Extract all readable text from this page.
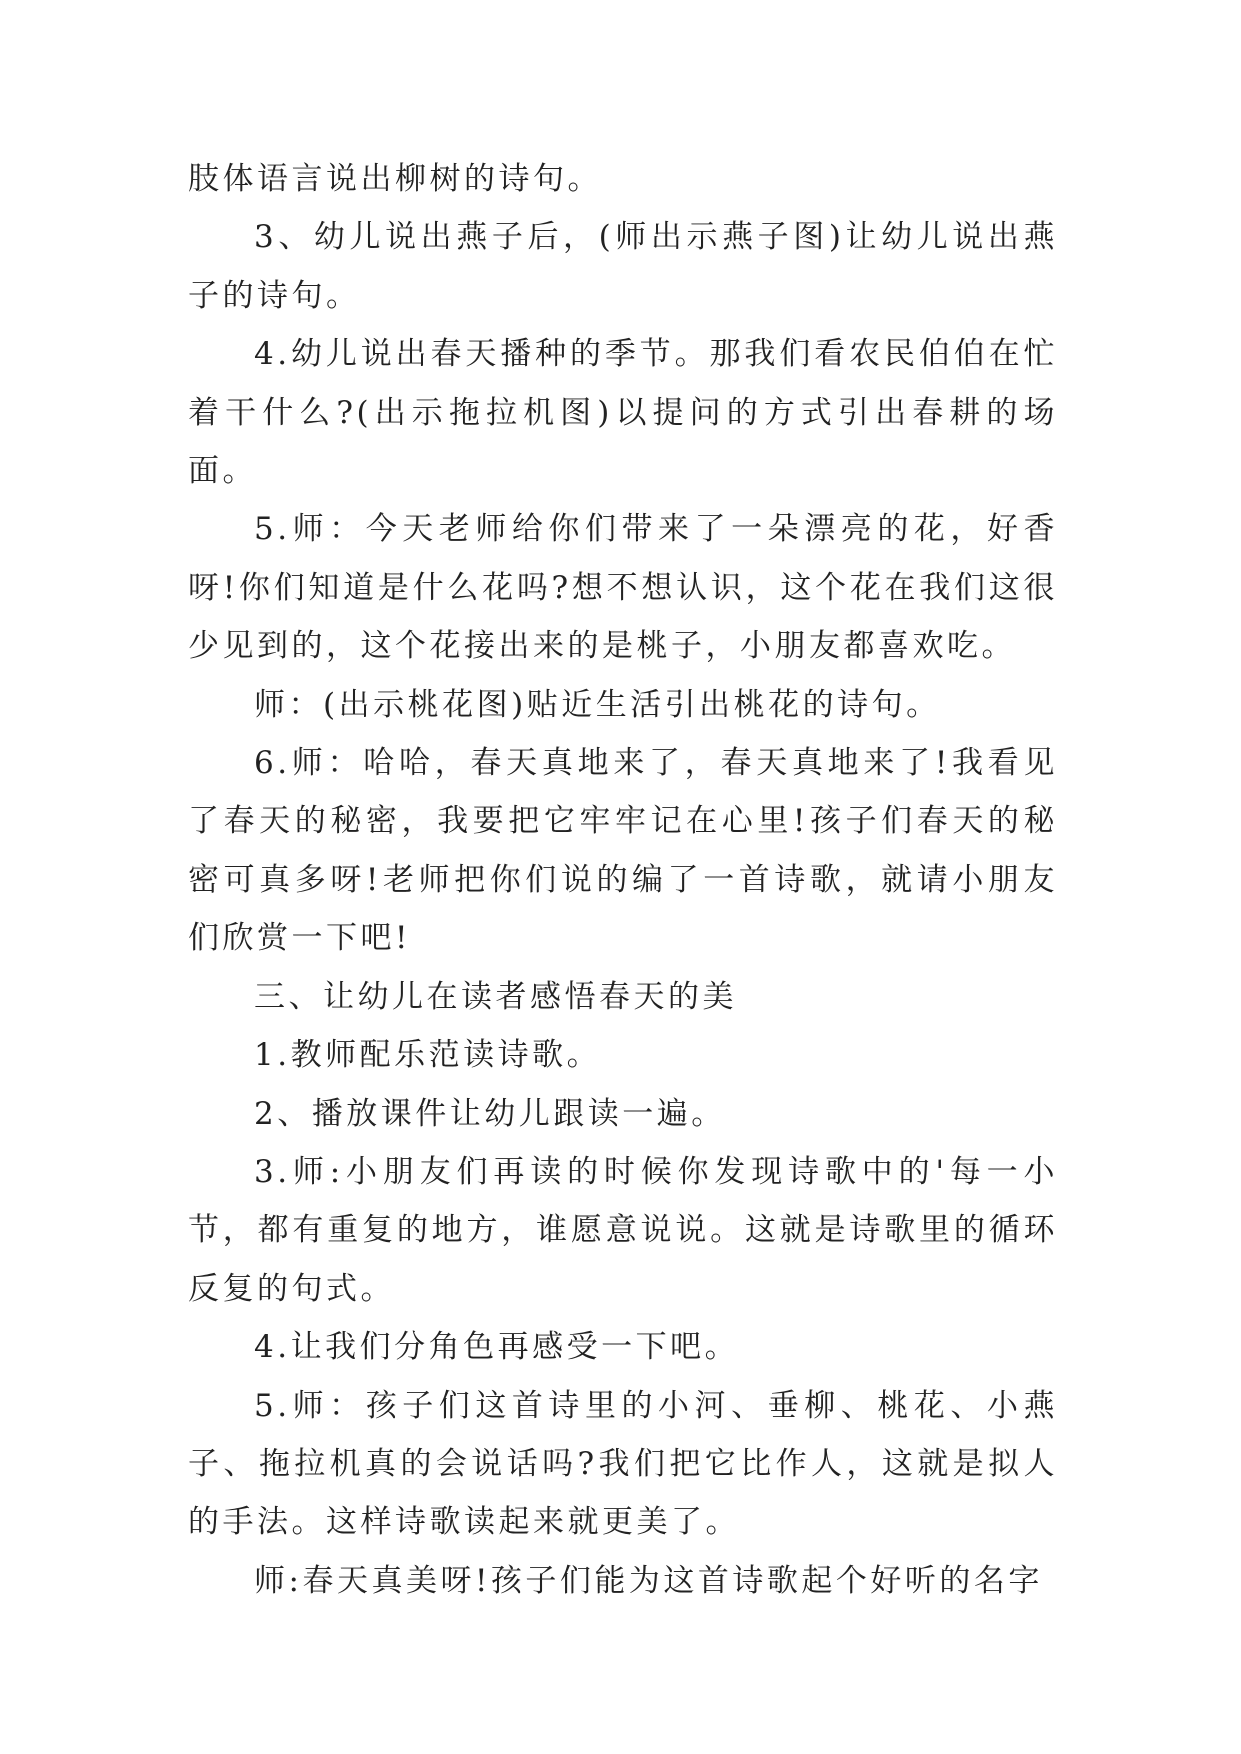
肢体语言说出柳树的诗句。

3、幼儿说出燕子后，(师出示燕子图)让幼儿说出燕子的诗句。

4.幼儿说出春天播种的季节。那我们看农民伯伯在忙着干什么?(出示拖拉机图)以提问的方式引出春耕的场面。

5.师：今天老师给你们带来了一朵漂亮的花，好香呀!你们知道是什么花吗?想不想认识，这个花在我们这很少见到的，这个花接出来的是桃子，小朋友都喜欢吃。

师：(出示桃花图)贴近生活引出桃花的诗句。

6.师：哈哈，春天真地来了，春天真地来了!我看见了春天的秘密，我要把它牢牢记在心里!孩子们春天的秘密可真多呀!老师把你们说的编了一首诗歌，就请小朋友们欣赏一下吧!

三、让幼儿在读者感悟春天的美

1.教师配乐范读诗歌。

2、播放课件让幼儿跟读一遍。

3.师:小朋友们再读的时候你发现诗歌中的'每一小节，都有重复的地方，谁愿意说说。这就是诗歌里的循环反复的句式。

4.让我们分角色再感受一下吧。

5.师：孩子们这首诗里的小河、垂柳、桃花、小燕子、拖拉机真的会说话吗?我们把它比作人，这就是拟人的手法。这样诗歌读起来就更美了。

师:春天真美呀!孩子们能为这首诗歌起个好听的名字
